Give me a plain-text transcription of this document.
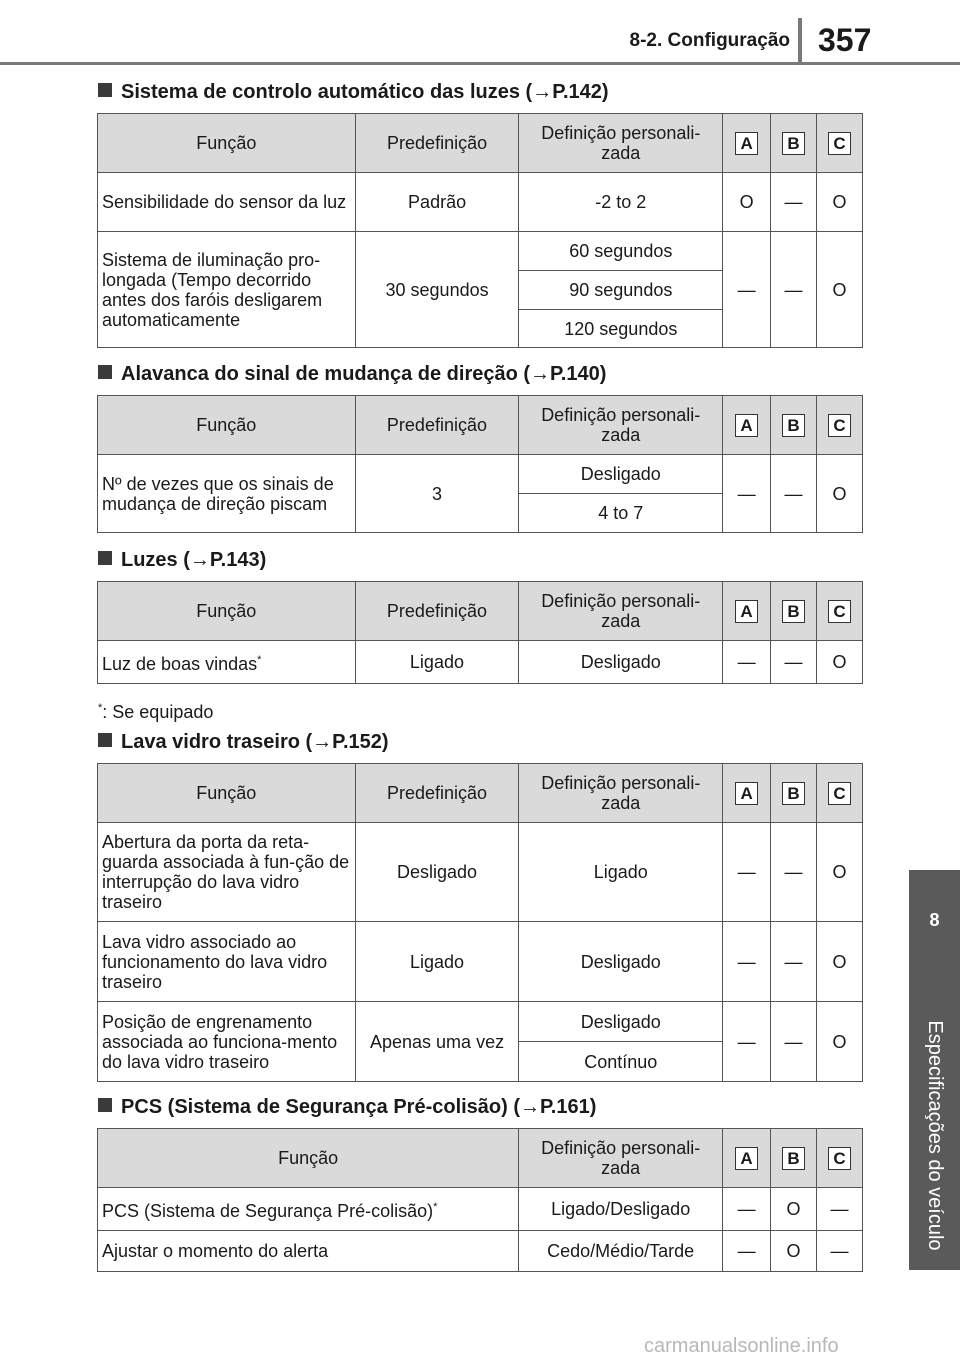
8-2. Configuração 357
8
Especificações do veículo
Sistema de controlo automático das luzes (→P.142)
Função	Predefinição	Definição personali-zada	A	B	C
Sensibilidade do sensor da luz	Padrão	-2 to 2	O	—	O
Sistema de iluminação pro-longada (Tempo decorrido antes dos faróis desligarem automaticamente	30 segundos	60 segundos	—	—	O
		90 segundos			
		120 segundos			
Alavanca do sinal de mudança de direção (→P.140)
Função	Predefinição	Definição personali-zada	A	B	C
Nº de vezes que os sinais de mudança de direção piscam	3	Desligado	—	—	O
		4 to 7			
Luzes (→P.143)
Função	Predefinição	Definição personali-zada	A	B	C
Luz de boas vindas*	Ligado	Desligado	—	—	O
*: Se equipado
Lava vidro traseiro (→P.152)
Função	Predefinição	Definição personali-zada	A	B	C
Abertura da porta da reta-guarda associada à fun-ção de interrupção do lava vidro traseiro	Desligado	Ligado	—	—	O
Lava vidro associado ao funcionamento do lava vidro traseiro	Ligado	Desligado	—	—	O
Posição de engrenamento associada ao funciona-mento do lava vidro traseiro	Apenas uma vez	Desligado	—	—	O
		Contínuo			
PCS (Sistema de Segurança Pré-colisão) (→P.161)
Função	Definição personali-zada	A	B	C
PCS (Sistema de Segurança Pré-colisão)*	Ligado/Desligado	—	O	—
Ajustar o momento do alerta	Cedo/Médio/Tarde	—	O	—
carmanualsonline.info
